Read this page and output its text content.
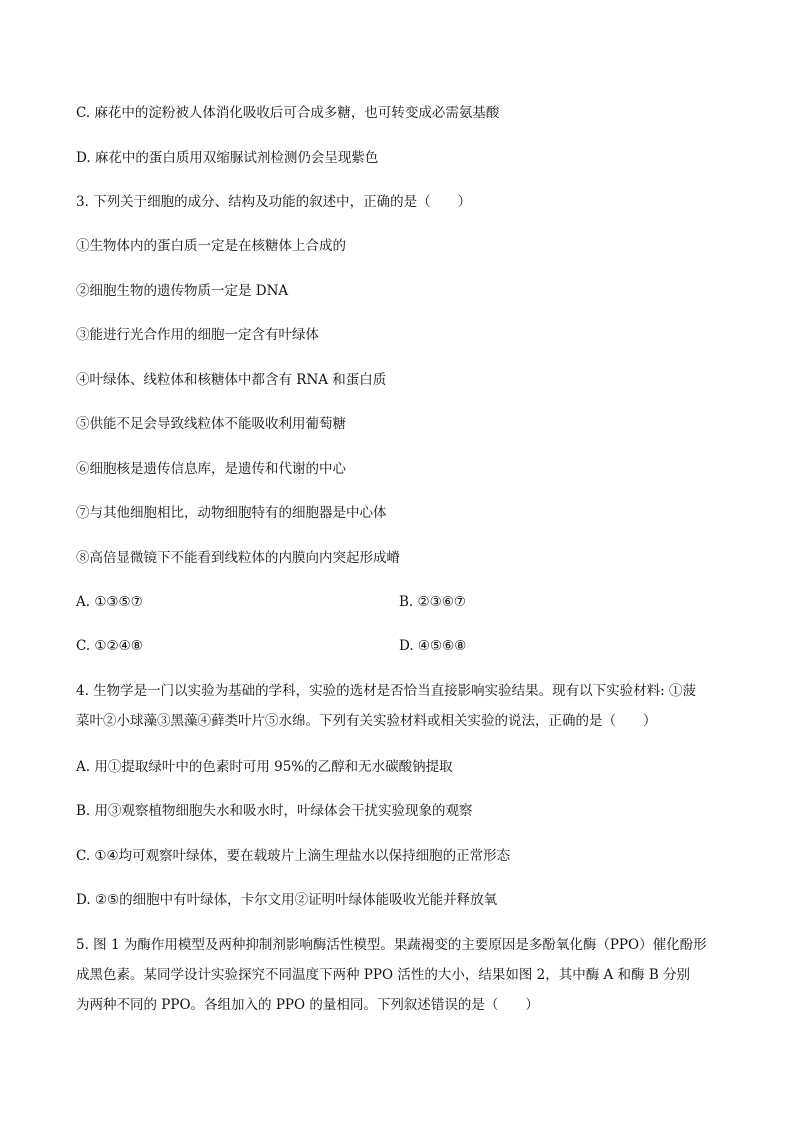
C. 麻花中的淀粉被人体消化吸收后可合成多糖，也可转变成必需氨基酸
D. 麻花中的蛋白质用双缩脲试剂检测仍会呈现紫色
3. 下列关于细胞的成分、结构及功能的叙述中，正确的是（　　）
①生物体内的蛋白质一定是在核糖体上合成的
②细胞生物的遗传物质一定是 DNA
③能进行光合作用的细胞一定含有叶绿体
④叶绿体、线粒体和核糖体中都含有 RNA 和蛋白质
⑤供能不足会导致线粒体不能吸收利用葡萄糖
⑥细胞核是遗传信息库，是遗传和代谢的中心
⑦与其他细胞相比，动物细胞特有的细胞器是中心体
⑧高倍显微镜下不能看到线粒体的内膜向内突起形成嵴
A. ①③⑤⑦	B. ②③⑥⑦
C. ①②④⑧	D. ④⑤⑥⑧
4. 生物学是一门以实验为基础的学科，实验的选材是否恰当直接影响实验结果。现有以下实验材料: ①菠
菜叶②小球藻③黑藻④藓类叶片⑤水绵。下列有关实验材料或相关实验的说法，正确的是（　　）
A. 用①提取绿叶中的色素时可用 95%的乙醇和无水碳酸钠提取
B. 用③观察植物细胞失水和吸水时，叶绿体会干扰实验现象的观察
C. ①④均可观察叶绿体，要在载玻片上滴生理盐水以保持细胞的正常形态
D. ②⑤的细胞中有叶绿体，卡尔文用②证明叶绿体能吸收光能并释放氧
5. 图 1 为酶作用模型及两种抑制剂影响酶活性模型。果蔬褐变的主要原因是多酚氧化酶（PPO）催化酚形
成黑色素。某同学设计实验探究不同温度下两种 PPO 活性的大小，结果如图 2，其中酶 A 和酶 B 分别
为两种不同的 PPO。各组加入的 PPO 的量相同。下列叙述错误的是（　　）
